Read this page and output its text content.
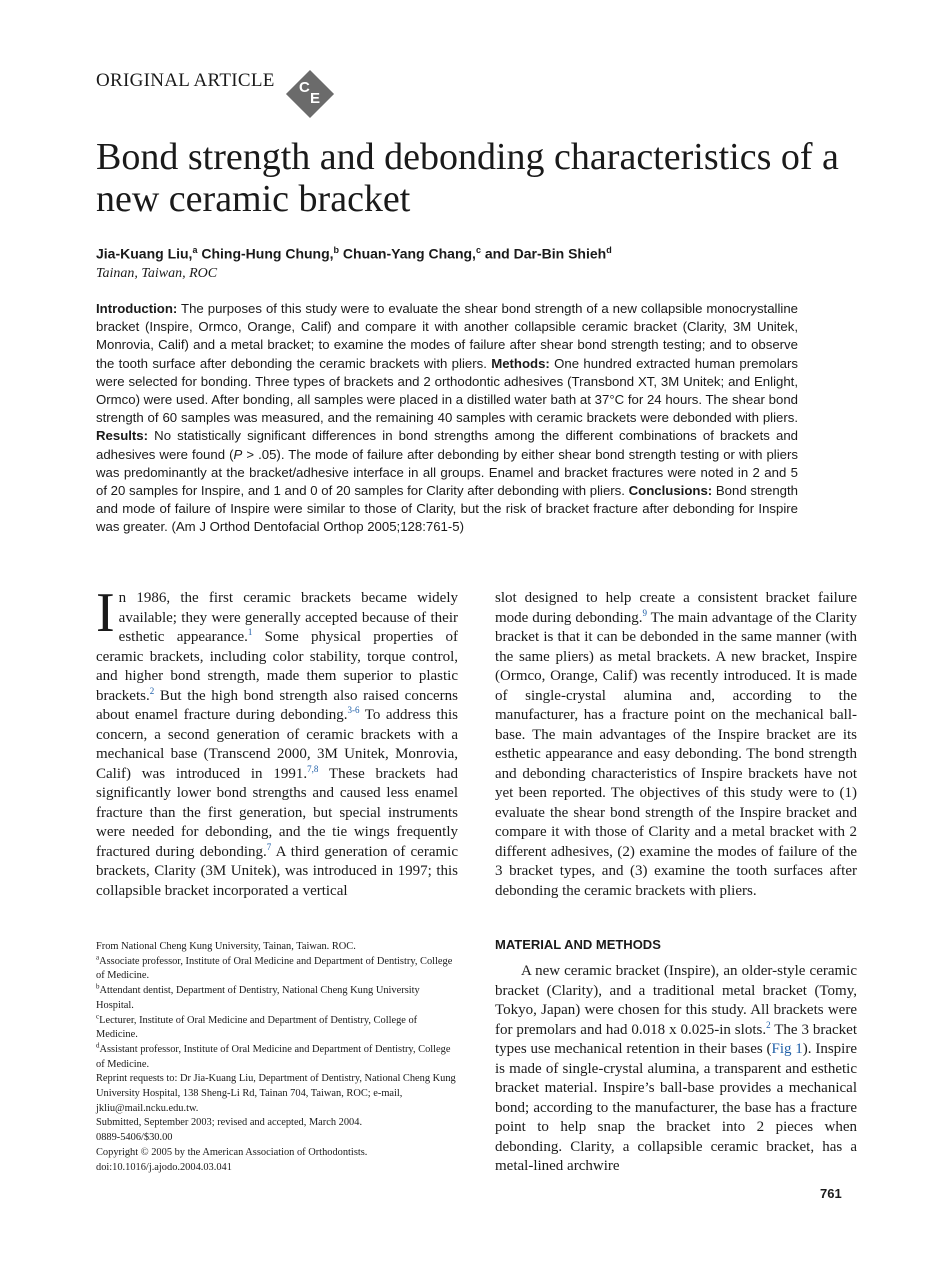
ORIGINAL ARTICLE C
E
Bond strength and debonding characteristics of a new ceramic bracket
Jia-Kuang Liu,$^a$ Ching-Hung Chung,$^b$ Chuan-Yang Chang,$^c$ and Dar-Bin Shieh$^d$
Tainan, Taiwan, ROC

Introduction: The purposes of this study were to evaluate the shear bond strength of a new collapsible monocrystalline bracket (Inspire, Ormco, Orange, Calif) and compare it with another collapsible ceramic bracket (Clarity, 3M Unitek, Monrovia, Calif) and a metal bracket; to examine the modes of failure after shear bond strength testing; and to observe the tooth surface after debonding the ceramic brackets with pliers. Methods: One hundred extracted human premolars were selected for bonding. Three types of brackets and 2 orthodontic adhesives (Transbond XT, 3M Unitek; and Enlight, Ormco) were used. After bonding, all samples were placed in a distilled water bath at 37°C for 24 hours. The shear bond strength of 60 samples was measured, and the remaining 40 samples with ceramic brackets were debonded with pliers. Results: No statistically significant differences in bond strengths among the different combinations of brackets and adhesives were found (P > .05). The mode of failure after debonding by either shear bond strength testing or with pliers was predominantly at the bracket/adhesive interface in all groups. Enamel and bracket fractures were noted in 2 and 5 of 20 samples for Inspire, and 1 and 0 of 20 samples for Clarity after debonding with pliers. Conclusions: Bond strength and mode of failure of Inspire were similar to those of Clarity, but the risk of bracket fracture after debonding for Inspire was greater. (Am J Orthod Dentofacial Orthop 2005;128:761-5)

In 1986, the first ceramic brackets became widely available; they were generally accepted because of their esthetic appearance.$^1$ Some physical properties of ceramic brackets, including color stability, torque control, and higher bond strength, made them superior to plastic brackets.$^2$ But the high bond strength also raised concerns about enamel fracture during debonding.$^{3-6}$ To address this concern, a second generation of ceramic brackets with a mechanical base (Transcend 2000, 3M Unitek, Monrovia, Calif) was introduced in 1991.$^{7,8}$ These brackets had significantly lower bond strengths and caused less enamel fracture than the first generation, but special instruments were needed for debonding, and the tie wings frequently fractured during debonding.$^7$ A third generation of ceramic brackets, Clarity (3M Unitek), was introduced in 1997; this collapsible bracket incorporated a vertical

slot designed to help create a consistent bracket failure mode during debonding.$^9$ The main advantage of the Clarity bracket is that it can be debonded in the same manner (with the same pliers) as metal brackets. A new bracket, Inspire (Ormco, Orange, Calif) was recently introduced. It is made of single-crystal alumina and, according to the manufacturer, has a fracture point on the mechanical ball-base. The main advantages of the Inspire bracket are its esthetic appearance and easy debonding. The bond strength and debonding characteristics of Inspire brackets have not yet been reported. The objectives of this study were to (1) evaluate the shear bond strength of the Inspire bracket and compare it with those of Clarity and a metal bracket with 2 different adhesives, (2) examine the modes of failure of the 3 bracket types, and (3) examine the tooth surfaces after debonding the ceramic brackets with pliers.

From National Cheng Kung University, Tainan, Taiwan. ROC.

$^a$Associate professor, Institute of Oral Medicine and Department of Dentistry, College of Medicine.

$^b$Attendant dentist, Department of Dentistry, National Cheng Kung University Hospital.

$^c$Lecturer, Institute of Oral Medicine and Department of Dentistry, College of Medicine.

$^d$Assistant professor, Institute of Oral Medicine and Department of Dentistry, College of Medicine.

Reprint requests to: Dr Jia-Kuang Liu, Department of Dentistry, National Cheng Kung University Hospital, 138 Sheng-Li Rd, Tainan 704, Taiwan, ROC; e-mail, jkliu@mail.ncku.edu.tw.

Submitted, September 2003; revised and accepted, March 2004.

0889-5406/$30.00

Copyright © 2005 by the American Association of Orthodontists.

doi:10.1016/j.ajodo.2004.03.041

MATERIAL AND METHODS

A new ceramic bracket (Inspire), an older-style ceramic bracket (Clarity), and a traditional metal bracket (Tomy, Tokyo, Japan) were chosen for this study. All brackets were for premolars and had 0.018 x 0.025-in slots.$^2$ The 3 bracket types use mechanical retention in their bases (Fig 1). Inspire is made of single-crystal alumina, a transparent and esthetic bracket material. Inspire’s ball-base provides a mechanical bond; according to the manufacturer, the base has a fracture point to help snap the bracket into 2 pieces when debonding. Clarity, a collapsible ceramic bracket, has a metal-lined archwire

761
